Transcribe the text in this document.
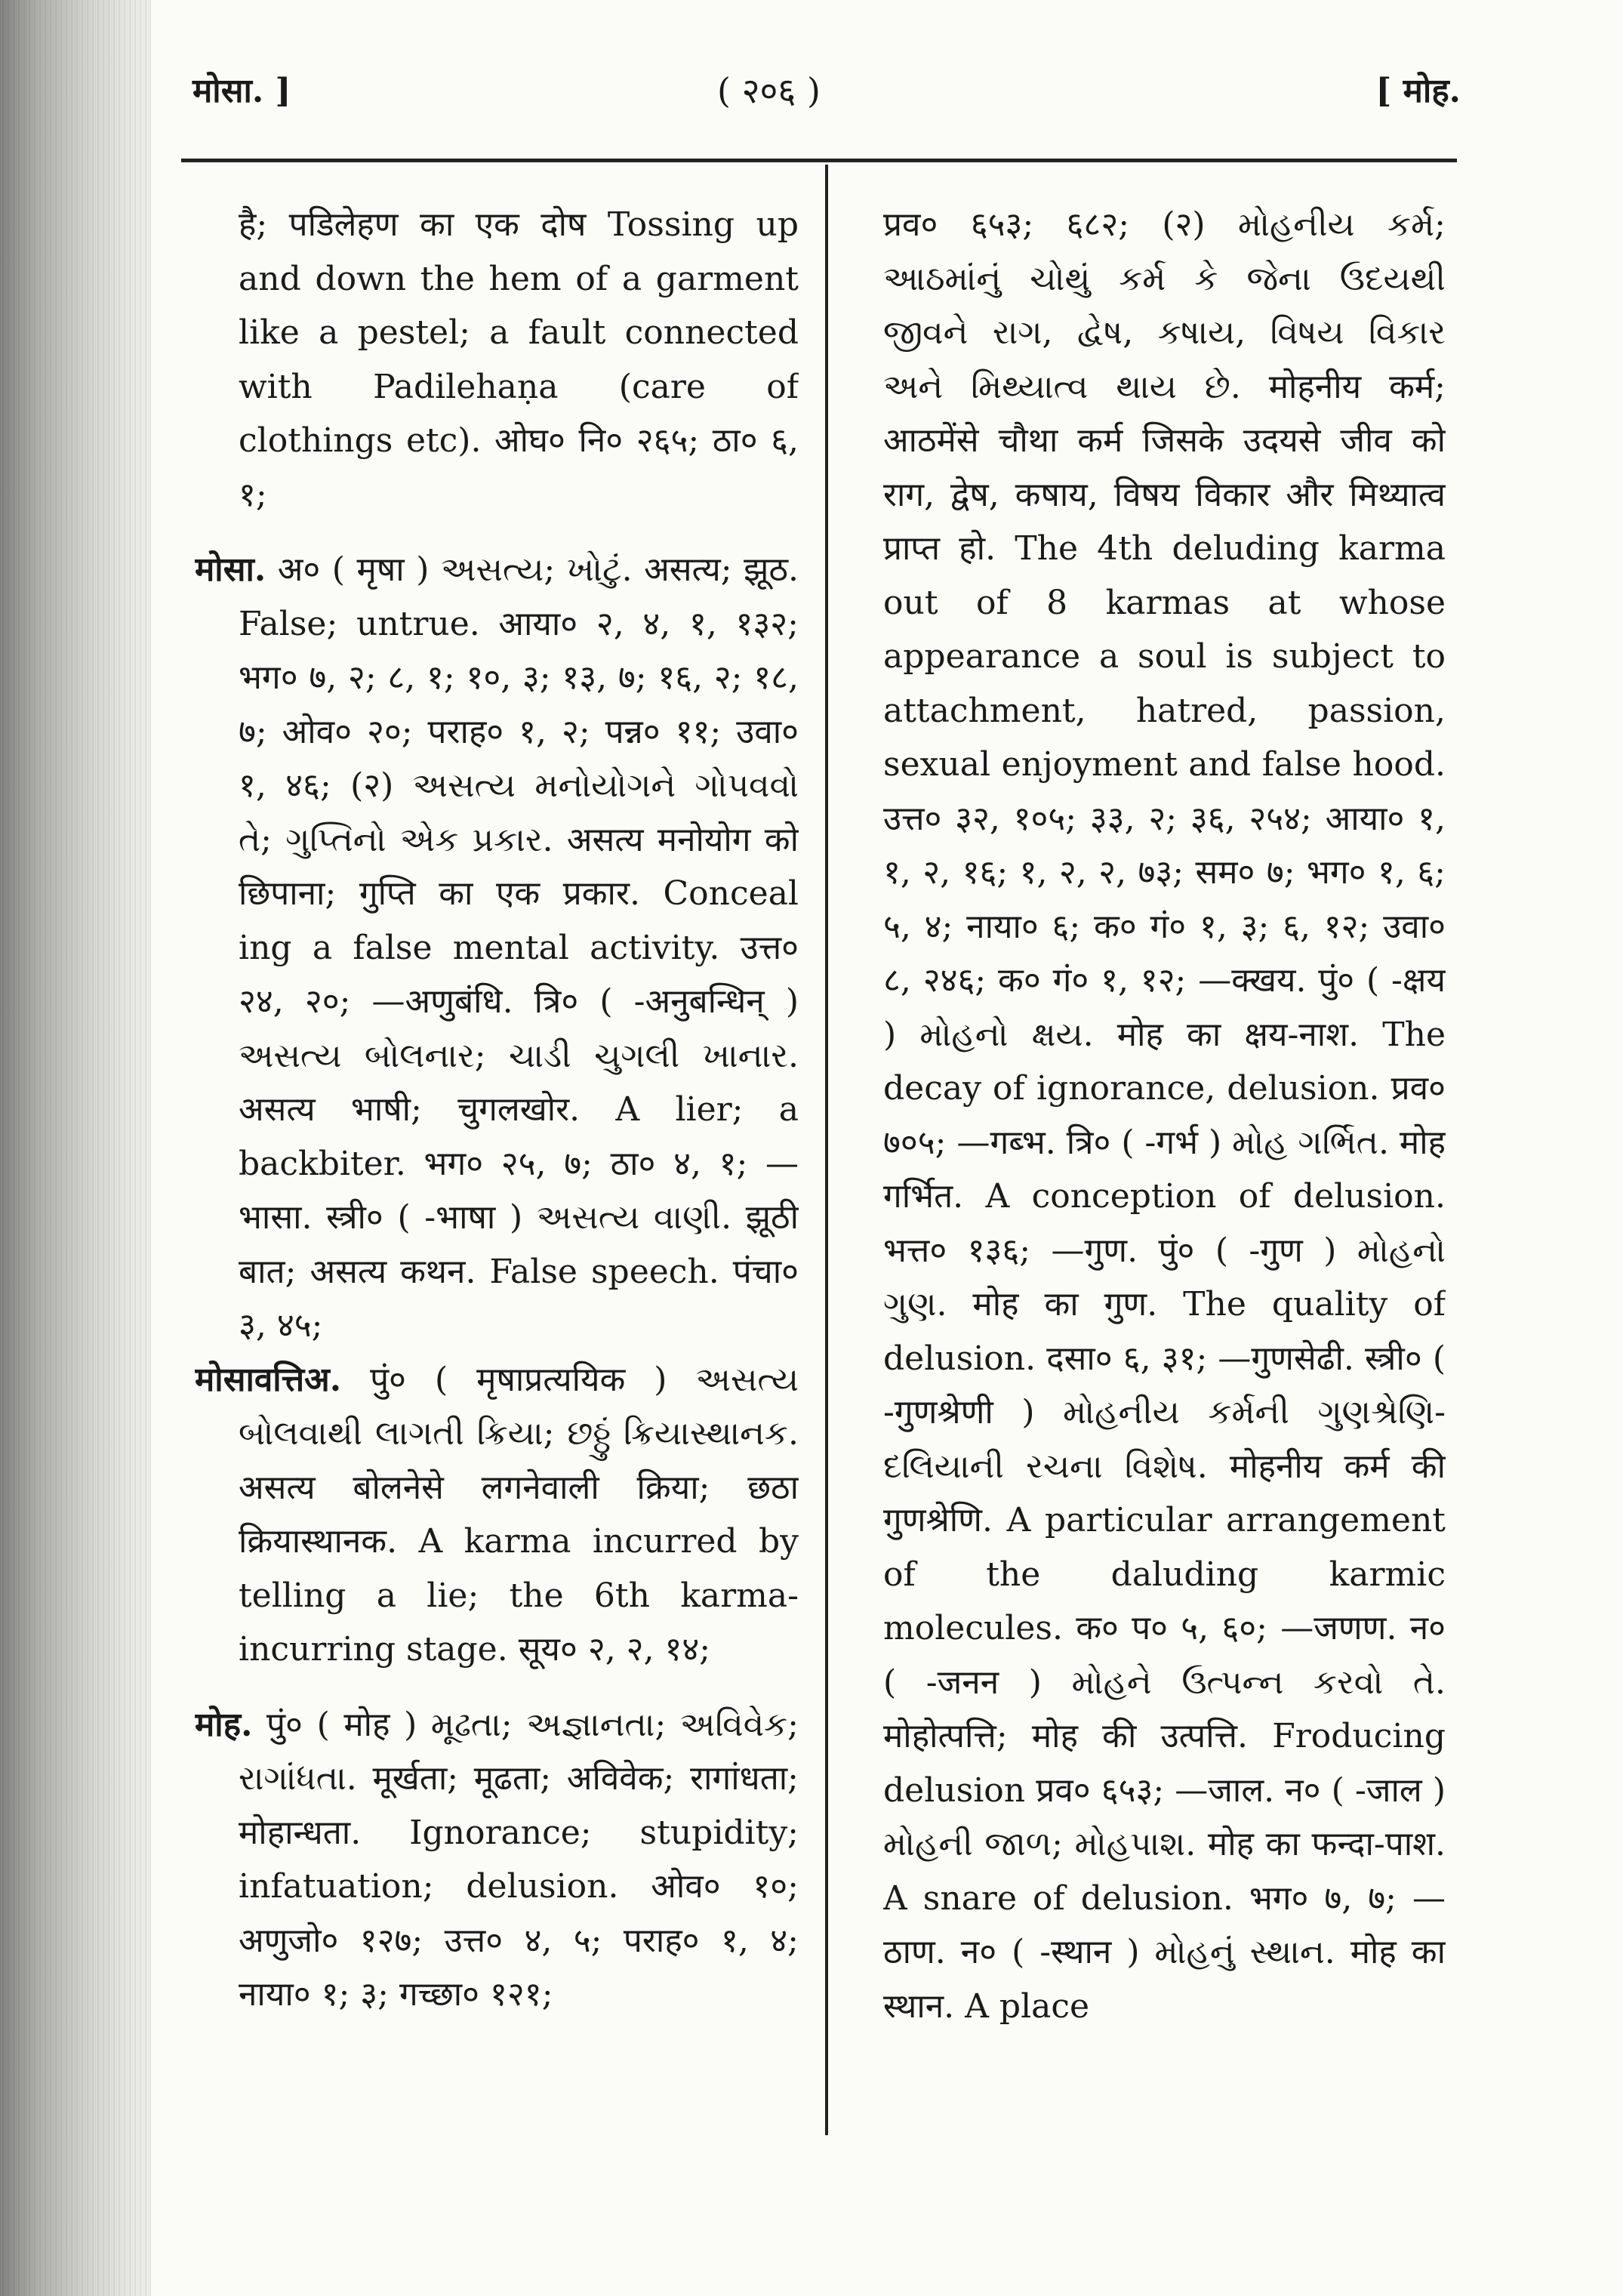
मोसा. ]	( २०६ )	[ मोह.

है; पडिलेहण का एक दोष Tossing up and down the hem of a garment like a pestel; a fault connected with Padilehaṇa (care of clothings etc). ओघ० नि० २६५; ठा० ६, १;

मोसा. अ० ( मृषा ) અસત્ય; ખોટું. असत्य; झूठ. False; untrue. आया० २, ४, १, १३२; भग० ७, २; ८, १; १०, ३; १३, ७; १६, २; १८, ७; ओव० २०; पराह० १, २; पन्न० ११; उवा० १, ४६; (२) અસત્ય મનોયોગને ગોપવવો તે; ગુપ્તિનો એક પ્રકાર. असत्य मनोयोग को छिपाना; गुप्ति का एक प्रकार. Conceal ing a false mental activity. उत्त० २४, २०; —अणुबंधि. त्रि० ( -अनुबन्धिन् ) અસત્ય બોલનાર; ચાડી ચુગલી ખાનાર. असत्य भाषी; चुगलखोर. A lier; a backbiter. भग० २५, ७; ठा० ४, १; —भासा. स्त्री० ( -भाषा ) અસત્ય વાણી. झूठी बात; असत्य कथन. False speech. पंचा० ३, ४५;

मोसावत्तिअ. पुं० ( मृषाप्रत्ययिक ) અસત્ય બોલવાથી લાગતી ક્રિયા; છઠ્ઠું ક્રિયાસ્થાનક. असत्य बोलनेसे लगनेवाली क्रिया; छठा क्रियास्थानक. A karma incurred by telling a lie; the 6th karma-incurring stage. सूय० २, २, १४;

मोह. पुं० ( मोह ) મૂઢતા; અજ્ઞાનતા; અવિવેક; રાગાંધતા. मूर्खता; मूढता; अविवेक; रागांधता; मोहान्धता. Ignorance; stupidity; infatuation; delusion. ओव० १०; अणुजो० १२७; उत्त० ४, ५; पराह० १, ४; नाया० १; ३; गच्छा० १२१;

प्रव० ६५३; ६८२; (२) મોહનીય કર્મ; આઠમાંનું ચોથું કર્મ કે જેના ઉદયથી જીવને રાગ, દ્વેષ, કષાય, વિષય વિકાર અને મિથ્યાત્વ થાય છે. मोहनीय कर्म; आठमेंसे चौथा कर्म जिसके उदयसे जीव को राग, द्वेष, कषाय, विषय विकार और मिथ्यात्व प्राप्त हो. The 4th deluding karma out of 8 karmas at whose appearance a soul is subject to attachment, hatred, passion, sexual enjoyment and false hood. उत्त० ३२, १०५; ३३, २; ३६, २५४; आया० १, १, २, १६; १, २, २, ७३; सम० ७; भग० १, ६; ५, ४; नाया० ६; क० गं० १, ३; ६, १२; उवा० ८, २४६; क० गं० १, १२; —क्खय. पुं० ( -क्षय ) મોહનો ક્ષય. मोह का क्षय-नाश. The decay of ignorance, delusion. प्रव० ७०५; —गब्भ. त्रि० ( -गर्भ ) મોહ ગર્ભિત. मोह गर्भित. A conception of delusion. भत्त० १३६; —गुण. पुं० ( -गुण ) મોહનો ગુણ. मोह का गुण. The quality of delusion. दसा० ६, ३१; —गुणसेढी. स्त्री० ( -गुणश्रेणी ) મોહનીય કર્મની ગુણશ્રેણિ-દલિયાની રચના વિશેષ. मोहनीय कर्म की गुणश्रेणि. A particular arrangement of the daluding karmic molecules. क० प० ५, ६०; —जणण. न० ( -जनन ) મોહને ઉત્પન્ન કરવો તે. मोहोत्पत्ति; मोह की उत्पत्ति. Froducing delusion प्रव० ६५३; —जाल. न० ( -जाल ) મોહની જાળ; મોહપાશ. मोह का फन्दा-पाश. A snare of delusion. भग० ७, ७; —ठाण. न० ( -स्थान ) મોહનું સ્થાન. मोह का स्थान. A place
